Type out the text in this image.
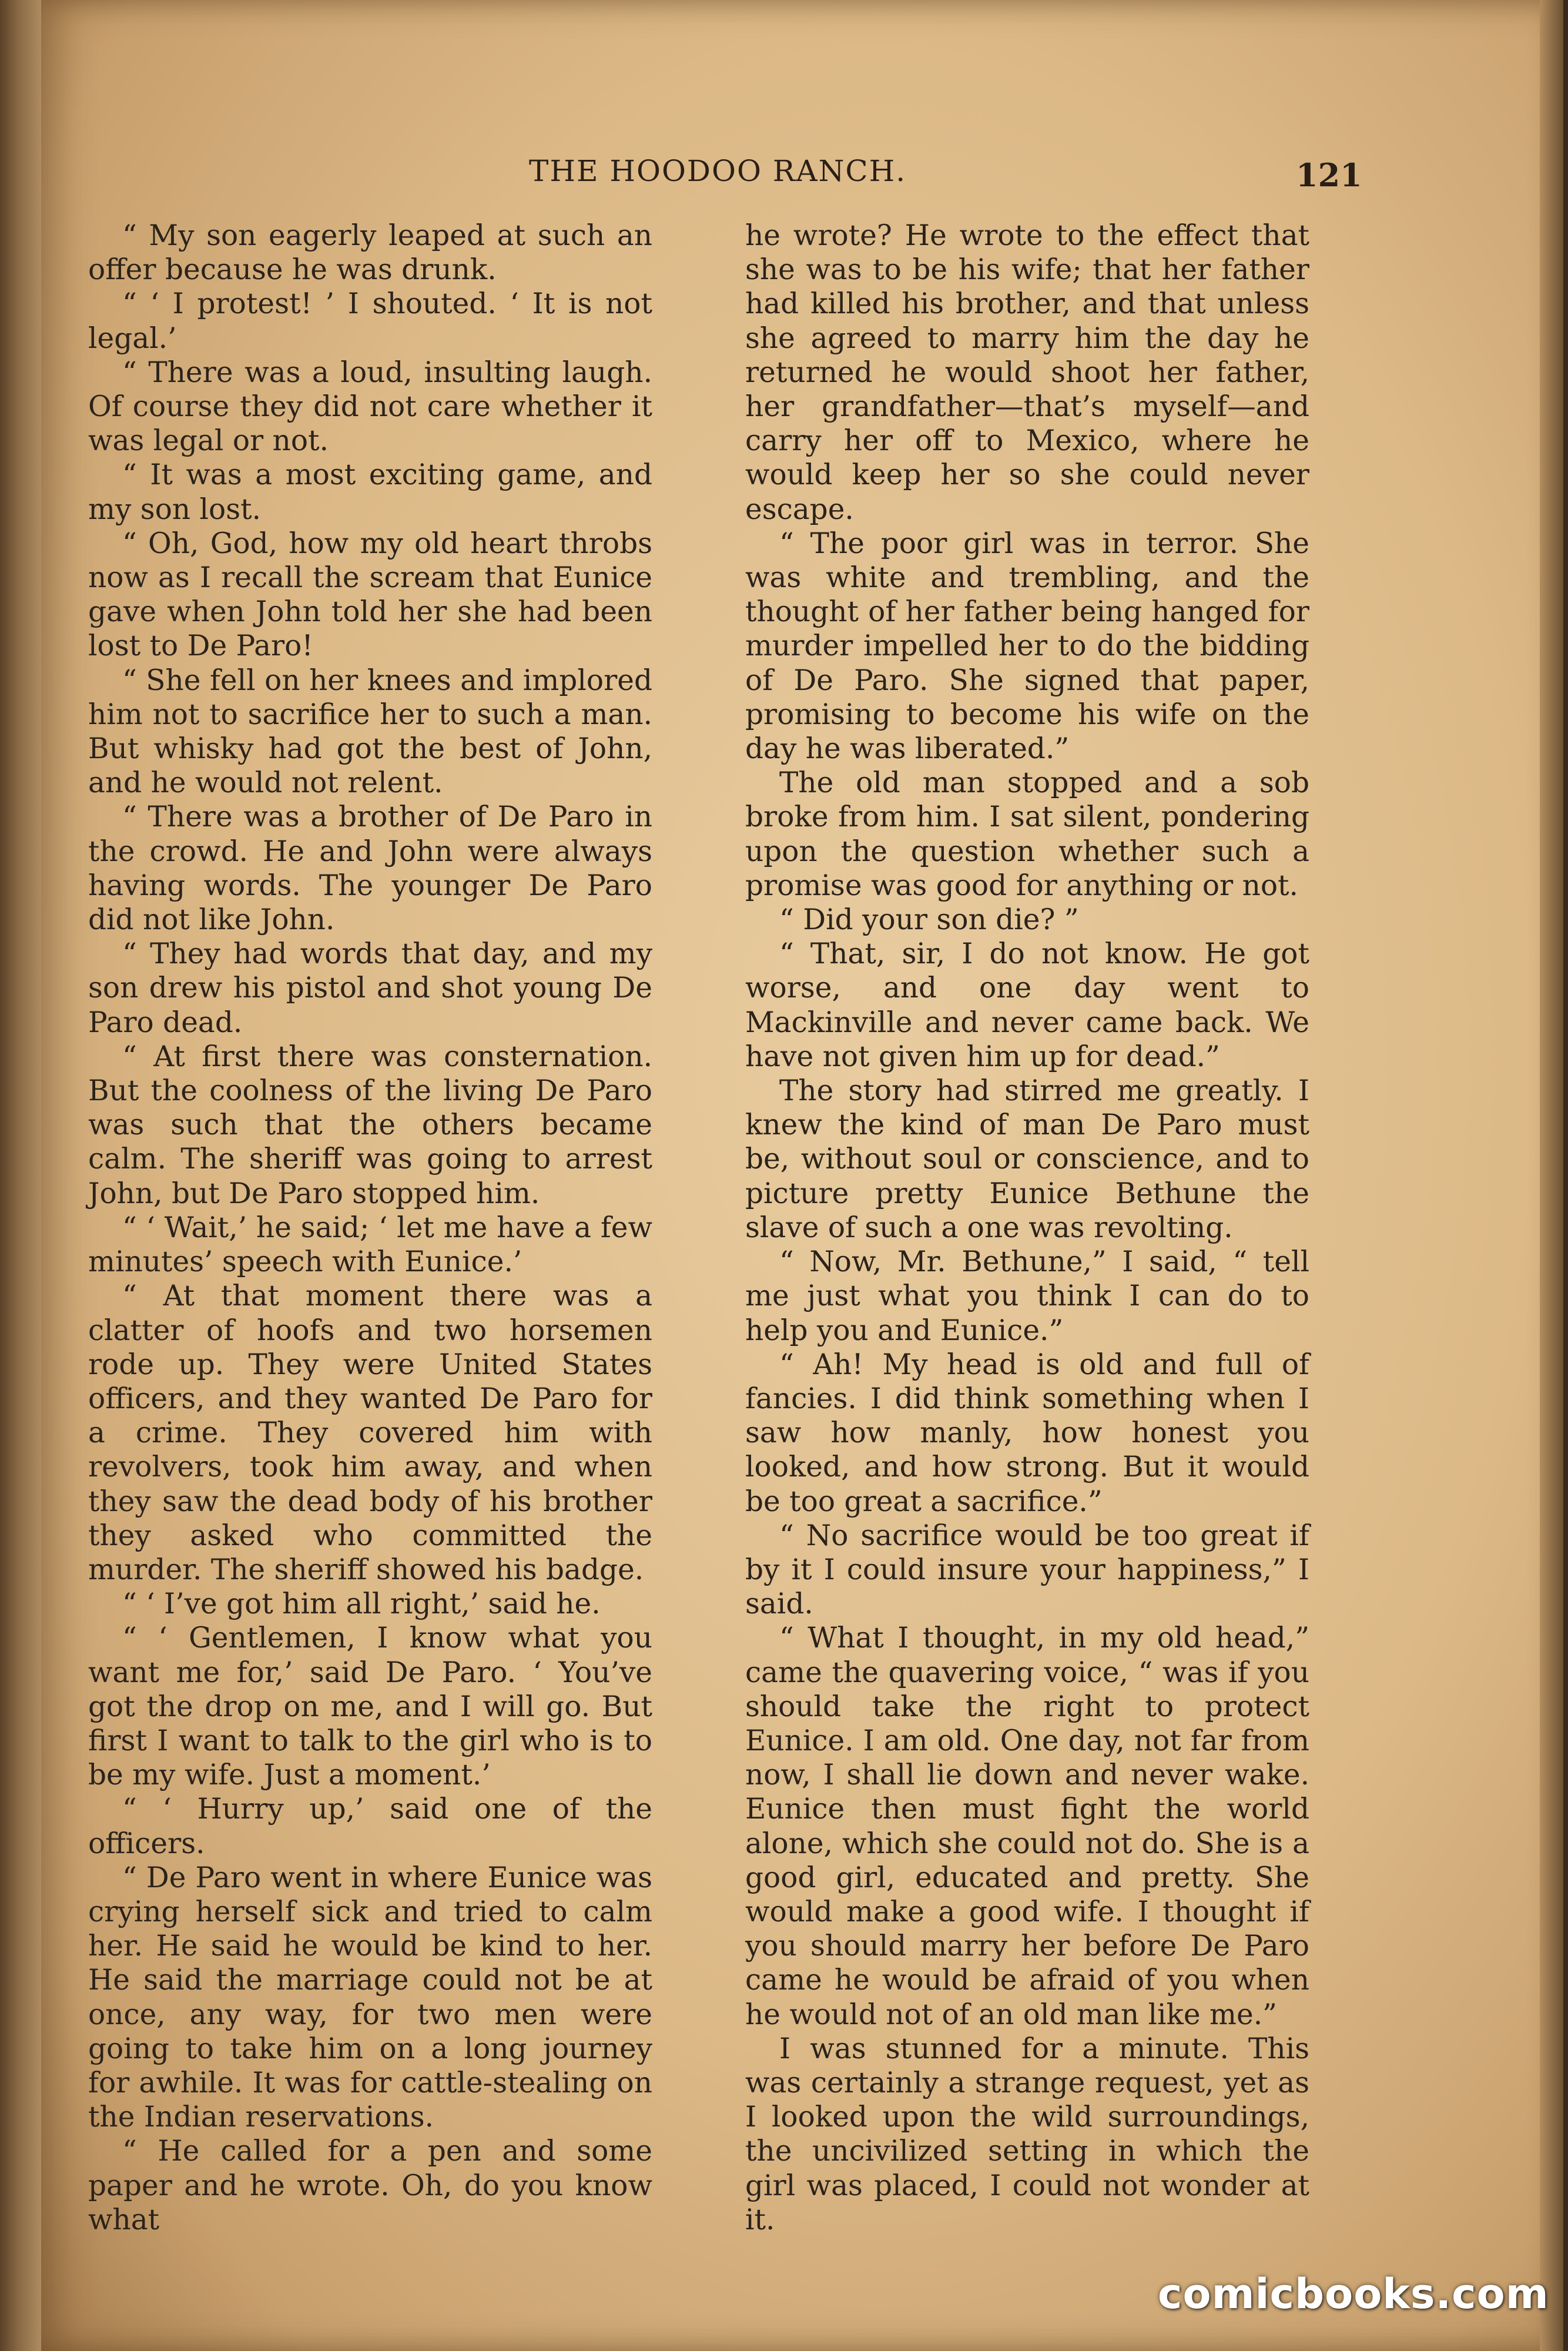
THE HOODOO RANCH.	121

“ My son eagerly leaped at such an offer because he was drunk.

“ ‘ I protest! ’ I shouted. ‘ It is not legal.’

“ There was a loud, insulting laugh. Of course they did not care whether it was legal or not.

“ It was a most exciting game, and my son lost.

“ Oh, God, how my old heart throbs now as I recall the scream that Eunice gave when John told her she had been lost to De Paro!

“ She fell on her knees and implored him not to sacrifice her to such a man. But whisky had got the best of John, and he would not relent.

“ There was a brother of De Paro in the crowd. He and John were always having words. The younger De Paro did not like John.

“ They had words that day, and my son drew his pistol and shot young De Paro dead.

“ At first there was consternation. But the coolness of the living De Paro was such that the others became calm. The sheriff was going to arrest John, but De Paro stopped him.

“ ‘ Wait,’ he said; ‘ let me have a few minutes’ speech with Eunice.’

“ At that moment there was a clatter of hoofs and two horsemen rode up. They were United States officers, and they wanted De Paro for a crime. They covered him with revolvers, took him away, and when they saw the dead body of his brother they asked who committed the murder. The sheriff showed his badge.

“ ‘ I’ve got him all right,’ said he.

“ ‘ Gentlemen, I know what you want me for,’ said De Paro. ‘ You’ve got the drop on me, and I will go. But first I want to talk to the girl who is to be my wife. Just a moment.’

“ ‘ Hurry up,’ said one of the officers.

“ De Paro went in where Eunice was crying herself sick and tried to calm her. He said he would be kind to her. He said the marriage could not be at once, any way, for two men were going to take him on a long journey for awhile. It was for cattle-stealing on the Indian reservations.

“ He called for a pen and some paper and he wrote. Oh, do you know what

he wrote? He wrote to the effect that she was to be his wife; that her father had killed his brother, and that unless she agreed to marry him the day he returned he would shoot her father, her grandfather—that’s myself—and carry her off to Mexico, where he would keep her so she could never escape.

“ The poor girl was in terror. She was white and trembling, and the thought of her father being hanged for murder impelled her to do the bidding of De Paro. She signed that paper, promising to become his wife on the day he was liberated.”

The old man stopped and a sob broke from him. I sat silent, pondering upon the question whether such a promise was good for anything or not.

“ Did your son die? ”

“ That, sir, I do not know. He got worse, and one day went to Mackinville and never came back. We have not given him up for dead.”

The story had stirred me greatly. I knew the kind of man De Paro must be, without soul or conscience, and to picture pretty Eunice Bethune the slave of such a one was revolting.

“ Now, Mr. Bethune,” I said, “ tell me just what you think I can do to help you and Eunice.”

“ Ah! My head is old and full of fancies. I did think something when I saw how manly, how honest you looked, and how strong. But it would be too great a sacrifice.”

“ No sacrifice would be too great if by it I could insure your happiness,” I said.

“ What I thought, in my old head,” came the quavering voice, “ was if you should take the right to protect Eunice. I am old. One day, not far from now, I shall lie down and never wake. Eunice then must fight the world alone, which she could not do. She is a good girl, educated and pretty. She would make a good wife. I thought if you should marry her before De Paro came he would be afraid of you when he would not of an old man like me.”

I was stunned for a minute. This was certainly a strange request, yet as I looked upon the wild surroundings, the uncivilized setting in which the girl was placed, I could not wonder at it.

comicbooks.com
